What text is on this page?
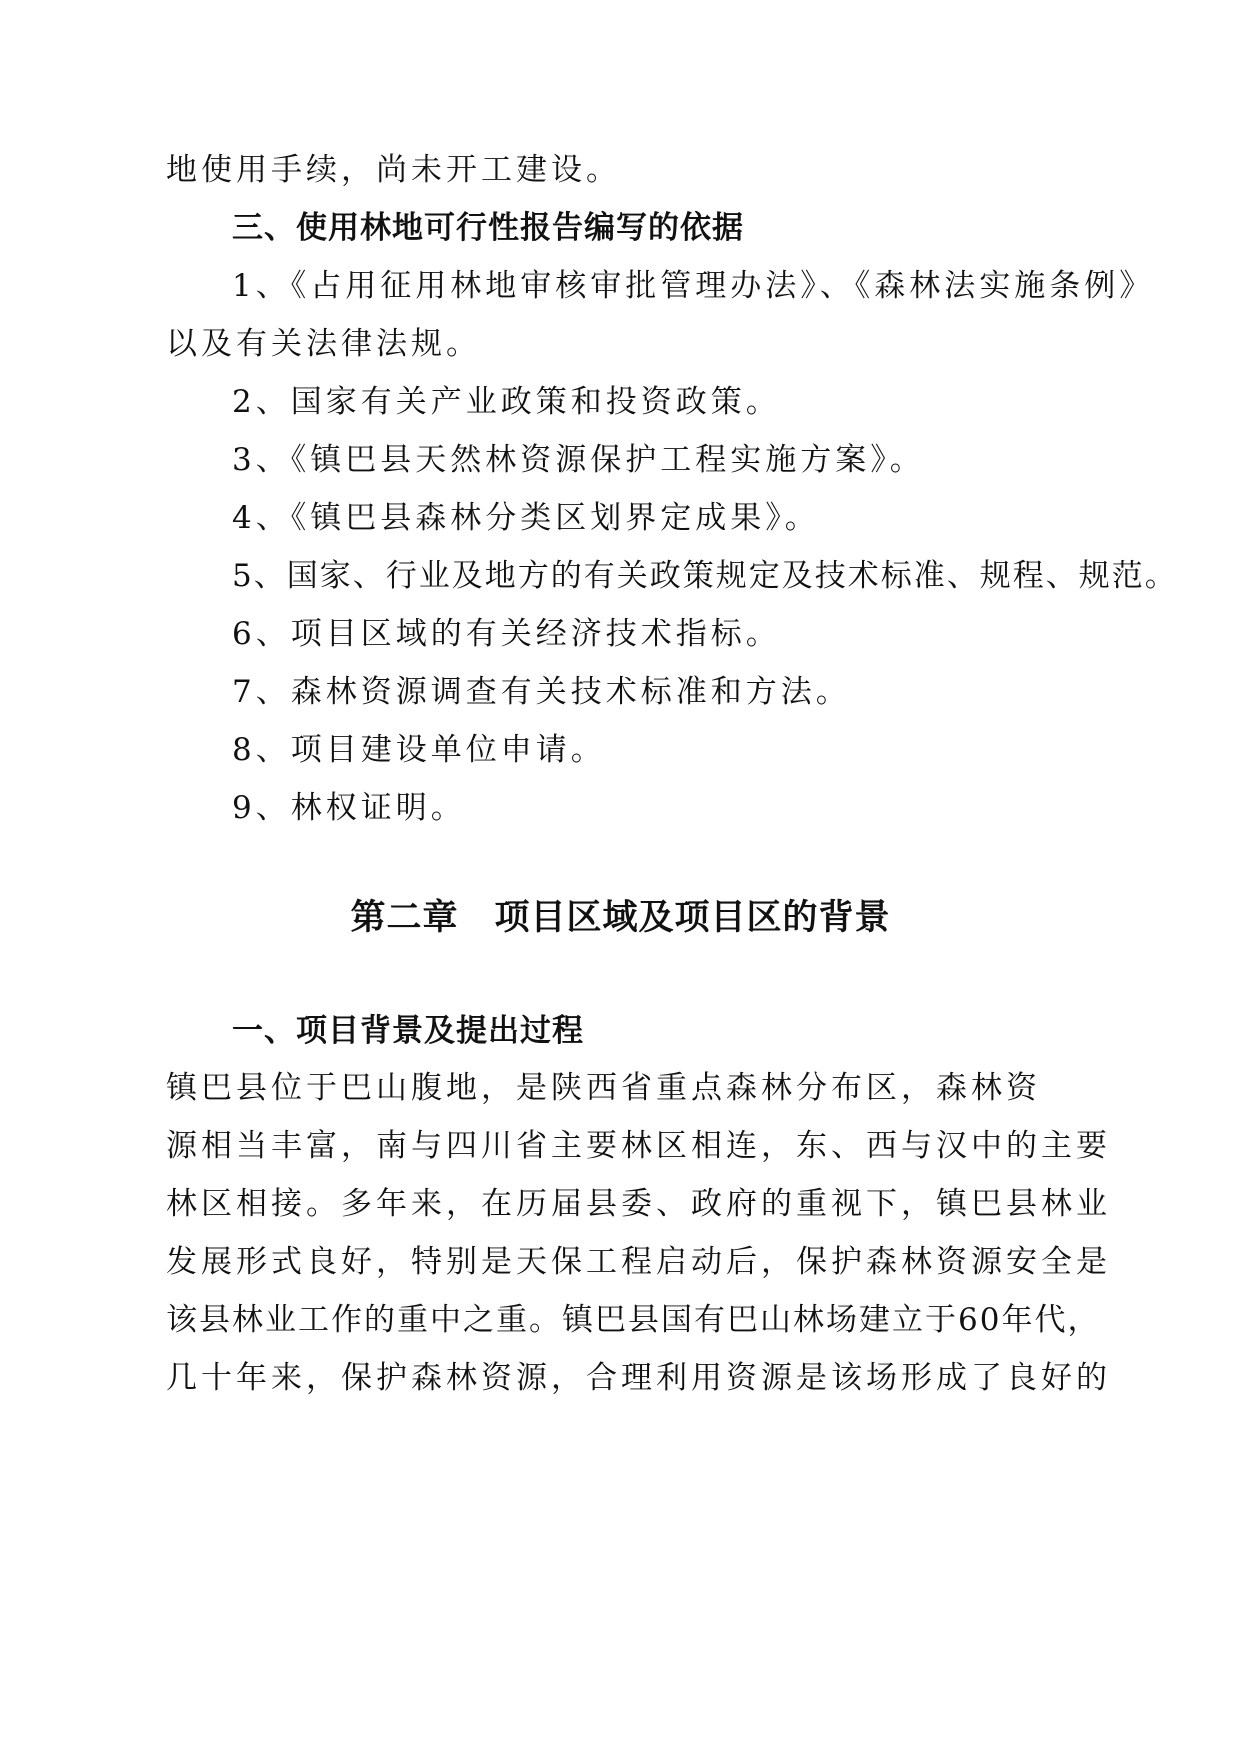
地使用手续，尚未开工建设。
三、使用林地可行性报告编写的依据
1、《占用征用林地审核审批管理办法》、《森林法实施条例》
以及有关法律法规。
2、国家有关产业政策和投资政策。
3、《镇巴县天然林资源保护工程实施方案》。
4、《镇巴县森林分类区划界定成果》。
5、国家、行业及地方的有关政策规定及技术标准、规程、规范。
6、项目区域的有关经济技术指标。
7、森林资源调查有关技术标准和方法。
8、项目建设单位申请。
9、林权证明。
第二章　项目区域及项目区的背景
一、项目背景及提出过程
镇巴县位于巴山腹地，是陕西省重点森林分布区，森林资
源相当丰富，南与四川省主要林区相连，东、西与汉中的主要
林区相接。多年来，在历届县委、政府的重视下，镇巴县林业
发展形式良好，特别是天保工程启动后，保护森林资源安全是
该县林业工作的重中之重。镇巴县国有巴山林场建立于60年代，
几十年来，保护森林资源，合理利用资源是该场形成了良好的
